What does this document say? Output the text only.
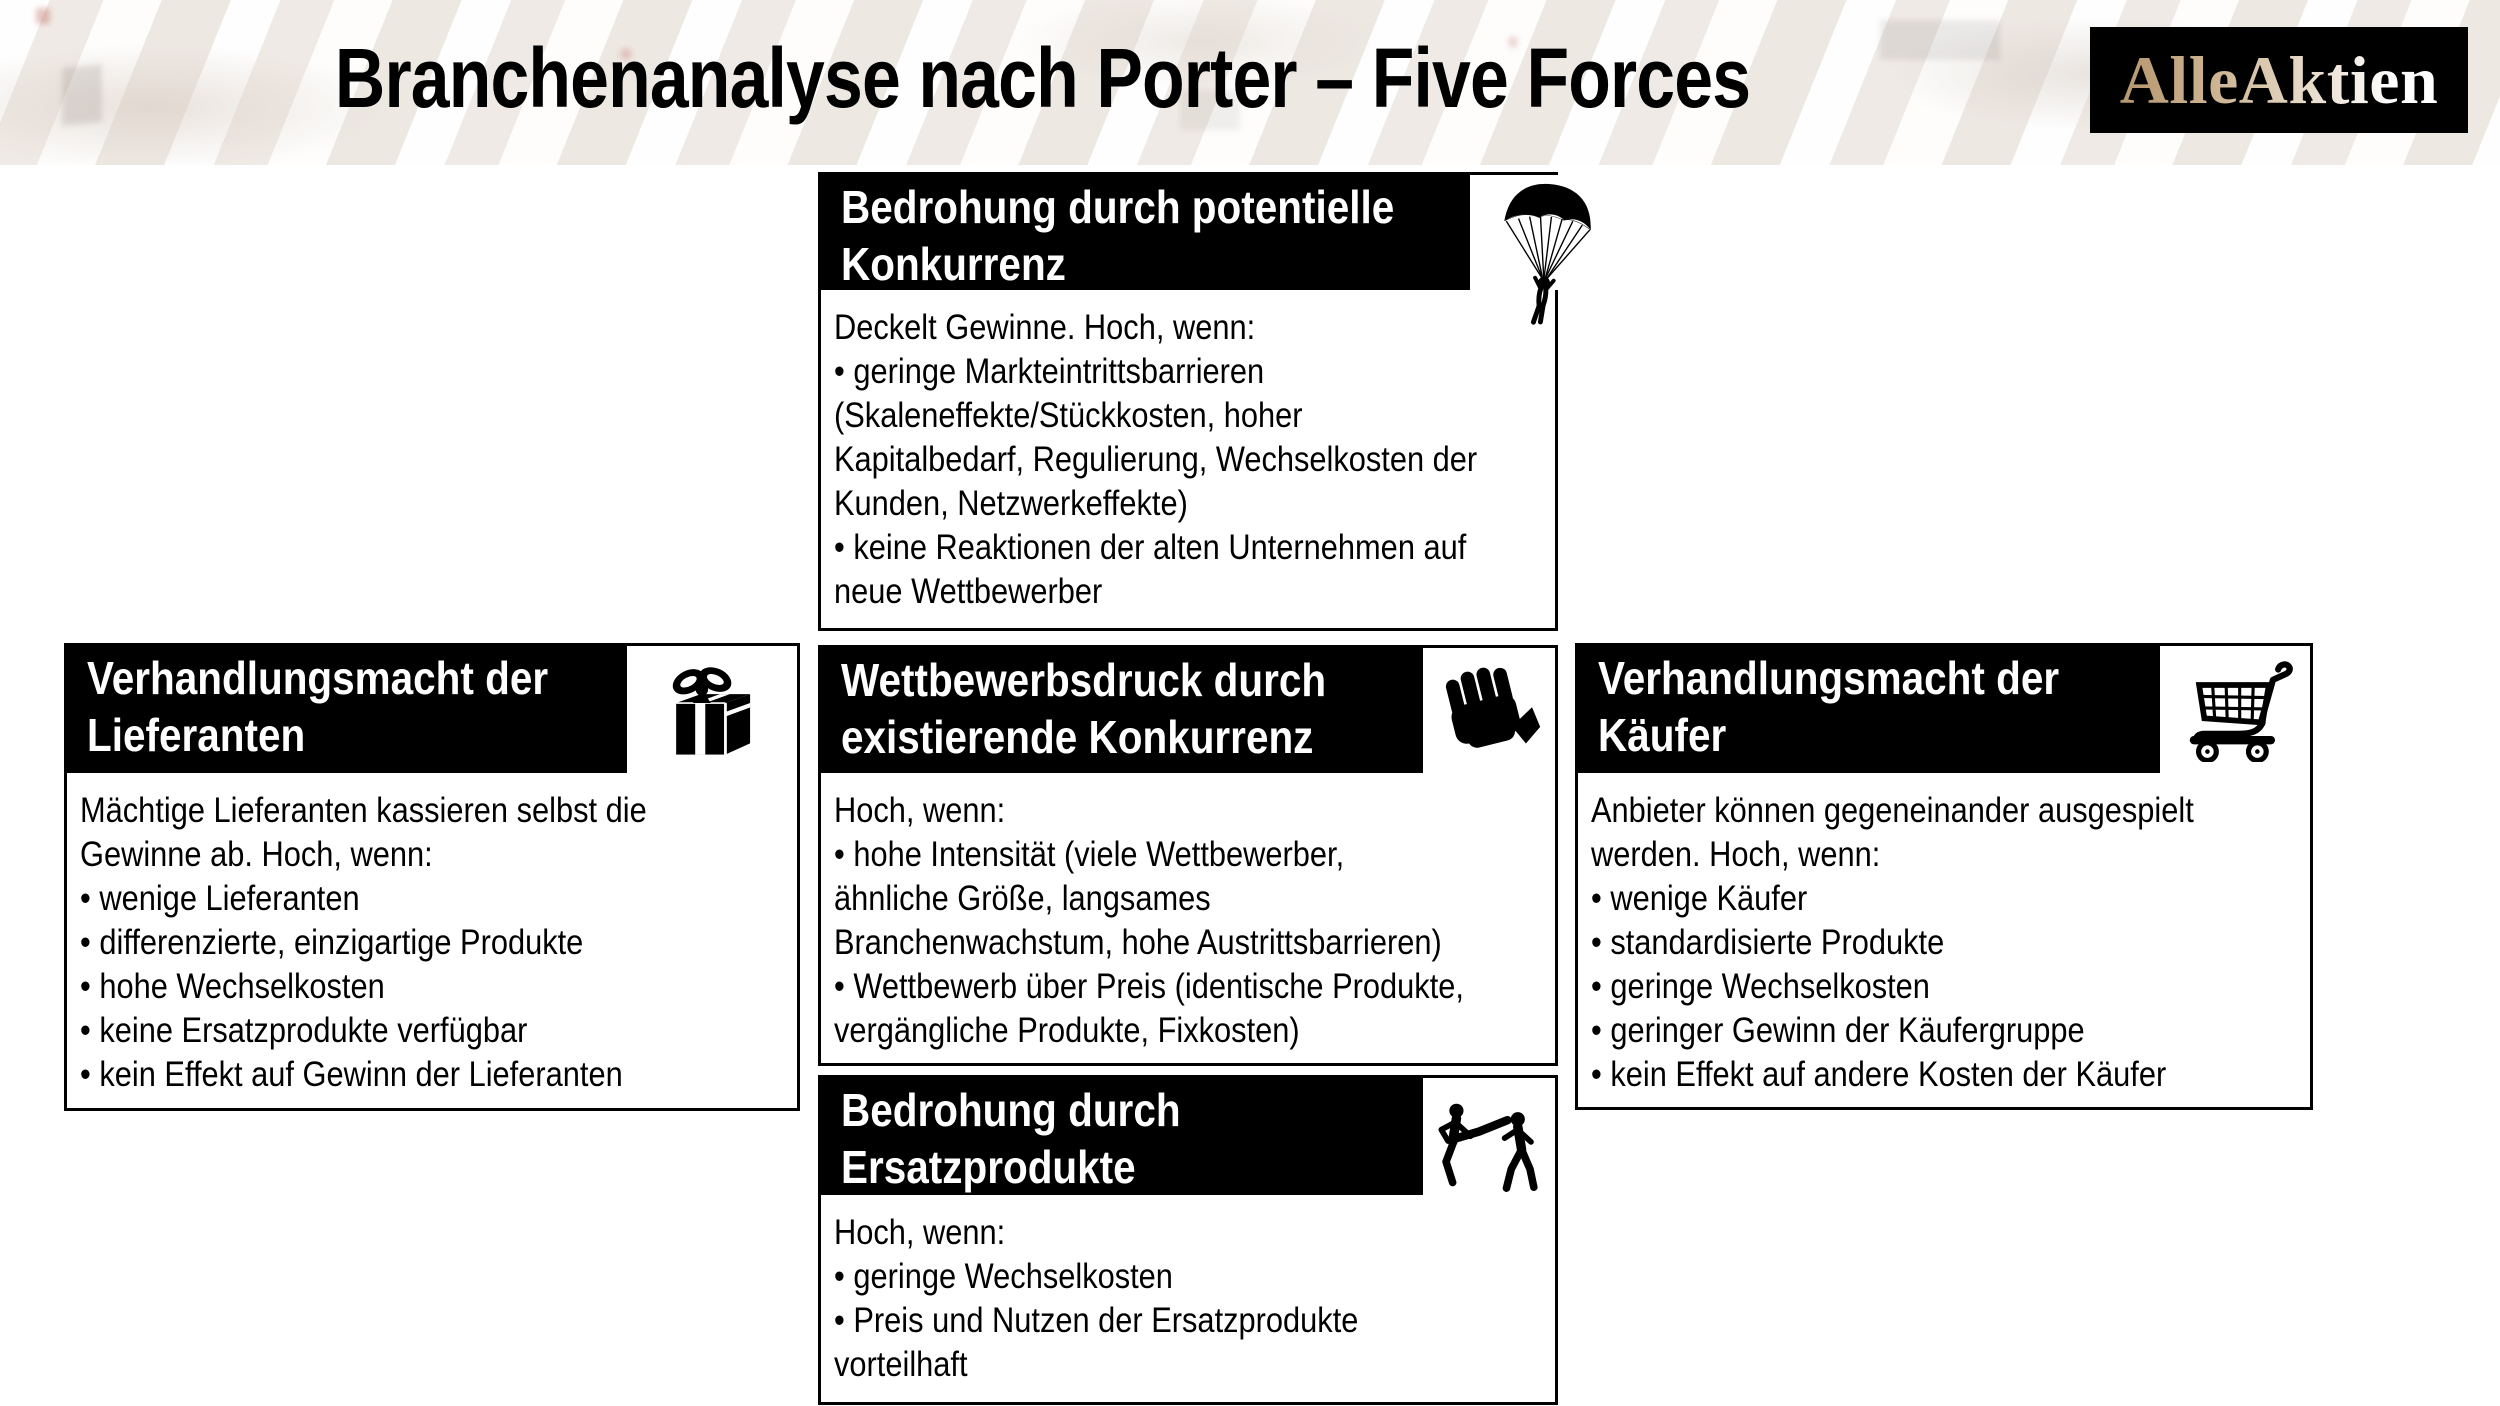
Branchenanalyse nach Porter – Five Forces	AlleAktien
Bedrohung durch potentielle
Konkurrenz
Deckelt Gewinne. Hoch, wenn:
• geringe Markteintrittsbarrieren
(Skaleneffekte/Stückkosten, hoher
Kapitalbedarf, Regulierung, Wechselkosten der
Kunden, Netzwerkeffekte)
• keine Reaktionen der alten Unternehmen auf
neue Wettbewerber
Verhandlungsmacht der
Lieferanten
Mächtige Lieferanten kassieren selbst die
Gewinne ab. Hoch, wenn:
• wenige Lieferanten
• differenzierte, einzigartige Produkte
• hohe Wechselkosten
• keine Ersatzprodukte verfügbar
• kein Effekt auf Gewinn der Lieferanten
Wettbewerbsdruck durch
existierende Konkurrenz
Hoch, wenn:
• hohe Intensität (viele Wettbewerber,
ähnliche Größe, langsames
Branchenwachstum, hohe Austrittsbarrieren)
• Wettbewerb über Preis (identische Produkte,
vergängliche Produkte, Fixkosten)
Verhandlungsmacht der
Käufer
Anbieter können gegeneinander ausgespielt
werden. Hoch, wenn:
• wenige Käufer
• standardisierte Produkte
• geringe Wechselkosten
• geringer Gewinn der Käufergruppe
• kein Effekt auf andere Kosten der Käufer
Bedrohung durch
Ersatzprodukte
Hoch, wenn:
• geringe Wechselkosten
• Preis und Nutzen der Ersatzprodukte
vorteilhaft
